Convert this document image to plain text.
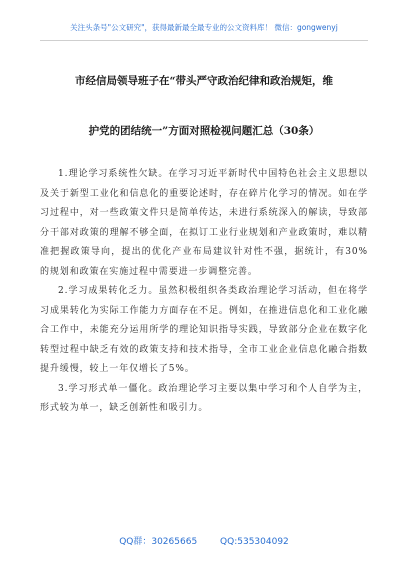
关注头条号"公文研究"，获得最新最全最专业的公文资料库！ 微信：gongwenyj
市经信局领导班子在“带头严守政治纪律和政治规矩，维
护党的团结统一”方面对照检视问题汇总（30条）

1.理论学习系统性欠缺。在学习习近平新时代中国特色社会主义思想以及关于新型工业化和信息化的重要论述时，存在碎片化学习的情况。如在学习过程中，对一些政策文件只是简单传达，未进行系统深入的解读，导致部分干部对政策的理解不够全面，在拟订工业行业规划和产业政策时，难以精准把握政策导向，提出的优化产业布局建议针对性不强，据统计，有30%的规划和政策在实施过程中需要进一步调整完善。

2.学习成果转化乏力。虽然积极组织各类政治理论学习活动，但在将学习成果转化为实际工作能力方面存在不足。例如，在推进信息化和工业化融合工作中，未能充分运用所学的理论知识指导实践，导致部分企业在数字化转型过程中缺乏有效的政策支持和技术指导，全市工业企业信息化融合指数提升缓慢，较上一年仅增长了5%。

3.学习形式单一僵化。政治理论学习主要以集中学习和个人自学为主，形式较为单一，缺乏创新性和吸引力。

QQ群：30265665	QQ:535304092
